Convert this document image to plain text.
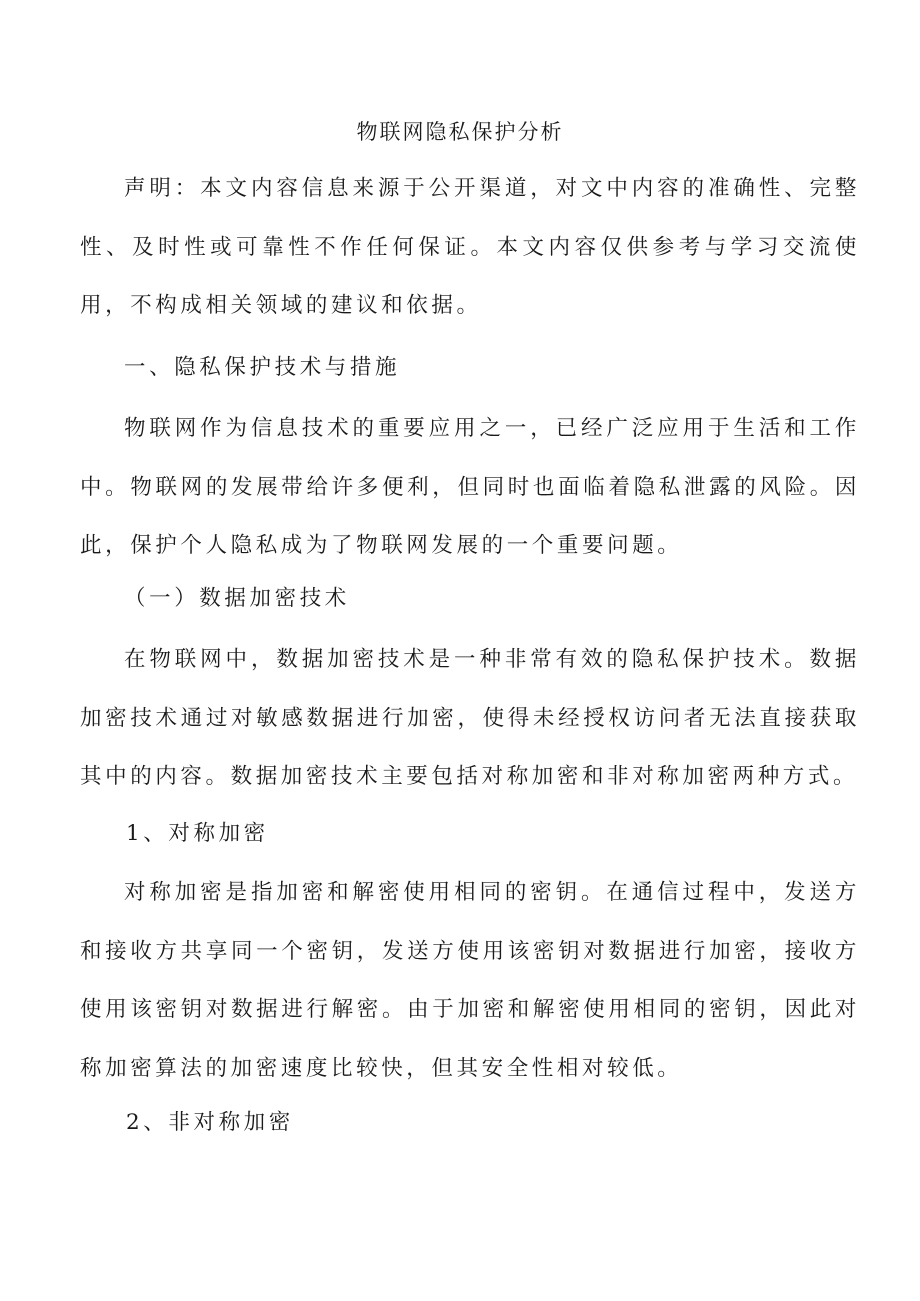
物联网隐私保护分析

声明：本文内容信息来源于公开渠道，对文中内容的准确性、完整性、及时性或可靠性不作任何保证。本文内容仅供参考与学习交流使用，不构成相关领域的建议和依据。

一、隐私保护技术与措施

物联网作为信息技术的重要应用之一，已经广泛应用于生活和工作中。物联网的发展带给许多便利，但同时也面临着隐私泄露的风险。因此，保护个人隐私成为了物联网发展的一个重要问题。

（一）数据加密技术

在物联网中，数据加密技术是一种非常有效的隐私保护技术。数据加密技术通过对敏感数据进行加密，使得未经授权访问者无法直接获取其中的内容。数据加密技术主要包括对称加密和非对称加密两种方式。

1、对称加密

对称加密是指加密和解密使用相同的密钥。在通信过程中，发送方和接收方共享同一个密钥，发送方使用该密钥对数据进行加密，接收方使用该密钥对数据进行解密。由于加密和解密使用相同的密钥，因此对称加密算法的加密速度比较快，但其安全性相对较低。

2、非对称加密
